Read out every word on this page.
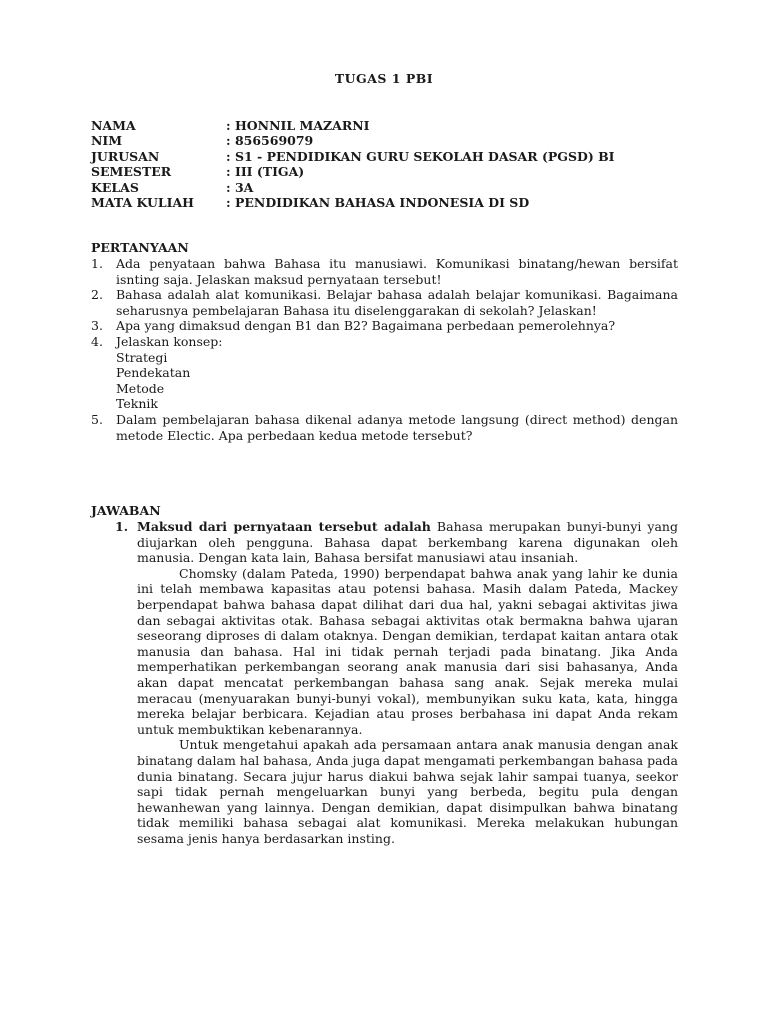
TUGAS 1 PBI
NAMA	: HONNIL MAZARNI
NIM	: 856569079
JURUSAN	: S1 - PENDIDIKAN GURU SEKOLAH DASAR (PGSD) BI
SEMESTER	: III (TIGA)
KELAS	: 3A
MATA KULIAH	: PENDIDIKAN BAHASA INDONESIA DI SD
PERTANYAAN
1.	Ada penyataan bahwa Bahasa itu manusiawi. Komunikasi binatang/hewan bersifat isnting saja. Jelaskan maksud pernyataan tersebut!
2.	Bahasa adalah alat komunikasi. Belajar bahasa adalah belajar komunikasi. Bagaimana seharusnya pembelajaran Bahasa itu diselenggarakan di sekolah? Jelaskan!
3.	Apa yang dimaksud dengan B1 dan B2? Bagaimana perbedaan pemerolehnya?
4.	Jelaskan konsep:
Strategi
Pendekatan
Metode
Teknik
5.	Dalam pembelajaran bahasa dikenal adanya metode langsung (direct method) dengan metode Electic. Apa perbedaan kedua metode tersebut?
JAWABAN
1. Maksud dari pernyataan tersebut adalah Bahasa merupakan bunyi-bunyi yang diujarkan oleh pengguna. Bahasa dapat berkembang karena digunakan oleh manusia. Dengan kata lain, Bahasa bersifat manusiawi atau insaniah.
Chomsky (dalam Pateda, 1990) berpendapat bahwa anak yang lahir ke dunia ini telah membawa kapasitas atau potensi bahasa. Masih dalam Pateda, Mackey berpendapat bahwa bahasa dapat dilihat dari dua hal, yakni sebagai aktivitas jiwa dan sebagai aktivitas otak. Bahasa sebagai aktivitas otak bermakna bahwa ujaran seseorang diproses di dalam otaknya. Dengan demikian, terdapat kaitan antara otak manusia dan bahasa. Hal ini tidak pernah terjadi pada binatang. Jika Anda memperhatikan perkembangan seorang anak manusia dari sisi bahasanya, Anda akan dapat mencatat perkembangan bahasa sang anak. Sejak mereka mulai meracau (menyuarakan bunyi-bunyi vokal), membunyikan suku kata, kata, hingga mereka belajar berbicara. Kejadian atau proses berbahasa ini dapat Anda rekam untuk membuktikan kebenarannya.
Untuk mengetahui apakah ada persamaan antara anak manusia dengan anak binatang dalam hal bahasa, Anda juga dapat mengamati perkembangan bahasa pada dunia binatang. Secara jujur harus diakui bahwa sejak lahir sampai tuanya, seekor sapi tidak pernah mengeluarkan bunyi yang berbeda, begitu pula dengan hewanhewan yang lainnya. Dengan demikian, dapat disimpulkan bahwa binatang tidak memiliki bahasa sebagai alat komunikasi. Mereka melakukan hubungan sesama jenis hanya berdasarkan insting.
